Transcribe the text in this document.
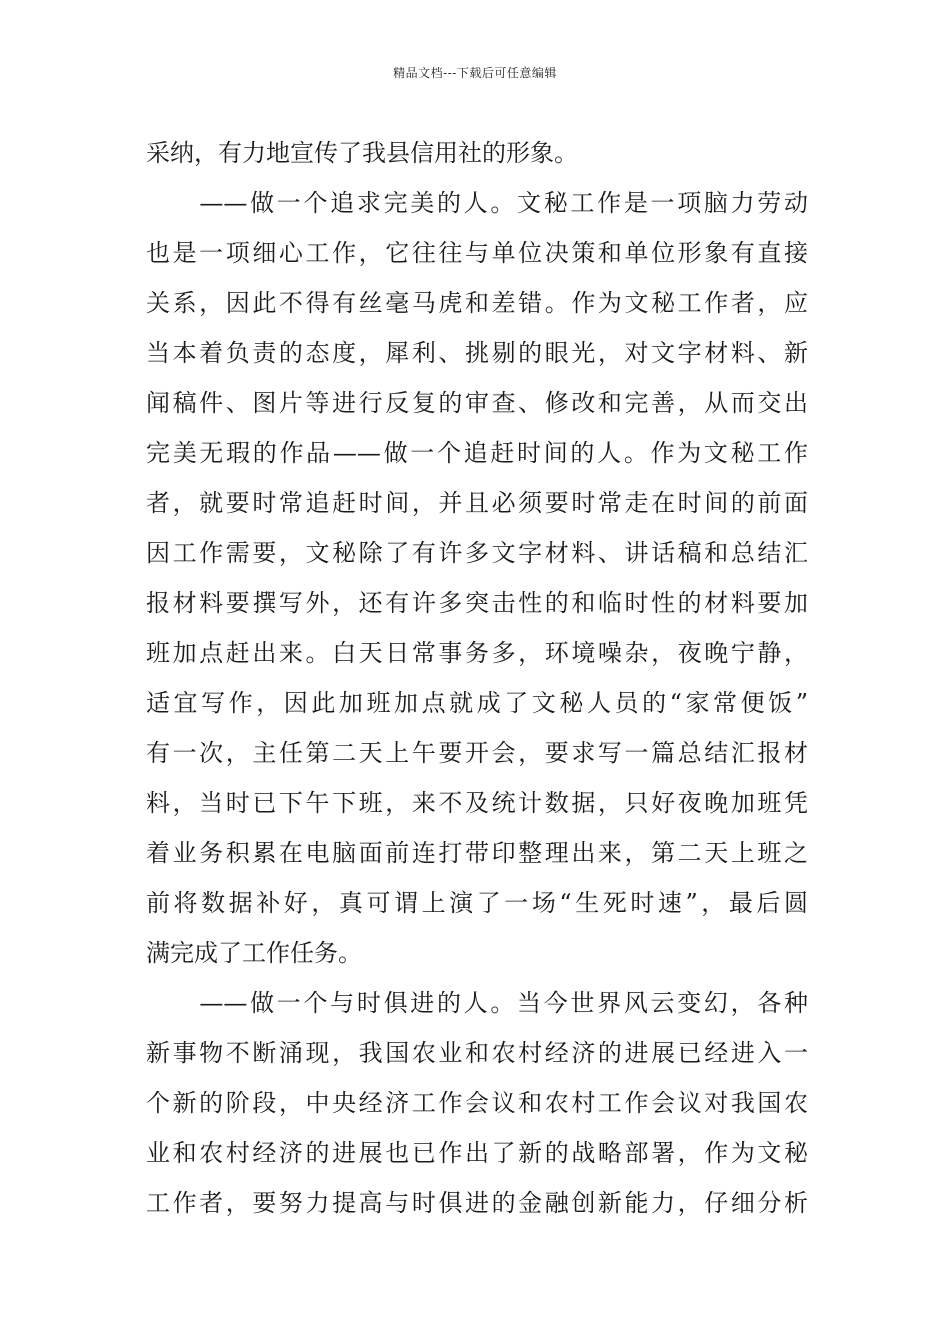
精品文档---下载后可任意编辑
采纳，有力地宣传了我县信用社的形象。
　　——做一个追求完美的人。文秘工作是一项脑力劳动
也是一项细心工作，它往往与单位决策和单位形象有直接
关系，因此不得有丝毫马虎和差错。作为文秘工作者，应
当本着负责的态度，犀利、挑剔的眼光，对文字材料、新
闻稿件、图片等进行反复的审查、修改和完善，从而交出
完美无瑕的作品——做一个追赶时间的人。作为文秘工作
者，就要时常追赶时间，并且必须要时常走在时间的前面
因工作需要，文秘除了有许多文字材料、讲话稿和总结汇
报材料要撰写外，还有许多突击性的和临时性的材料要加
班加点赶出来。白天日常事务多，环境噪杂，夜晚宁静，
适宜写作，因此加班加点就成了文秘人员的“家常便饭”
有一次，主任第二天上午要开会，要求写一篇总结汇报材
料，当时已下午下班，来不及统计数据，只好夜晚加班凭
着业务积累在电脑面前连打带印整理出来，第二天上班之
前将数据补好，真可谓上演了一场“生死时速”，最后圆
满完成了工作任务。
　　——做一个与时俱进的人。当今世界风云变幻，各种
新事物不断涌现，我国农业和农村经济的进展已经进入一
个新的阶段，中央经济工作会议和农村工作会议对我国农
业和农村经济的进展也已作出了新的战略部署，作为文秘
工作者，要努力提高与时俱进的金融创新能力，仔细分析
